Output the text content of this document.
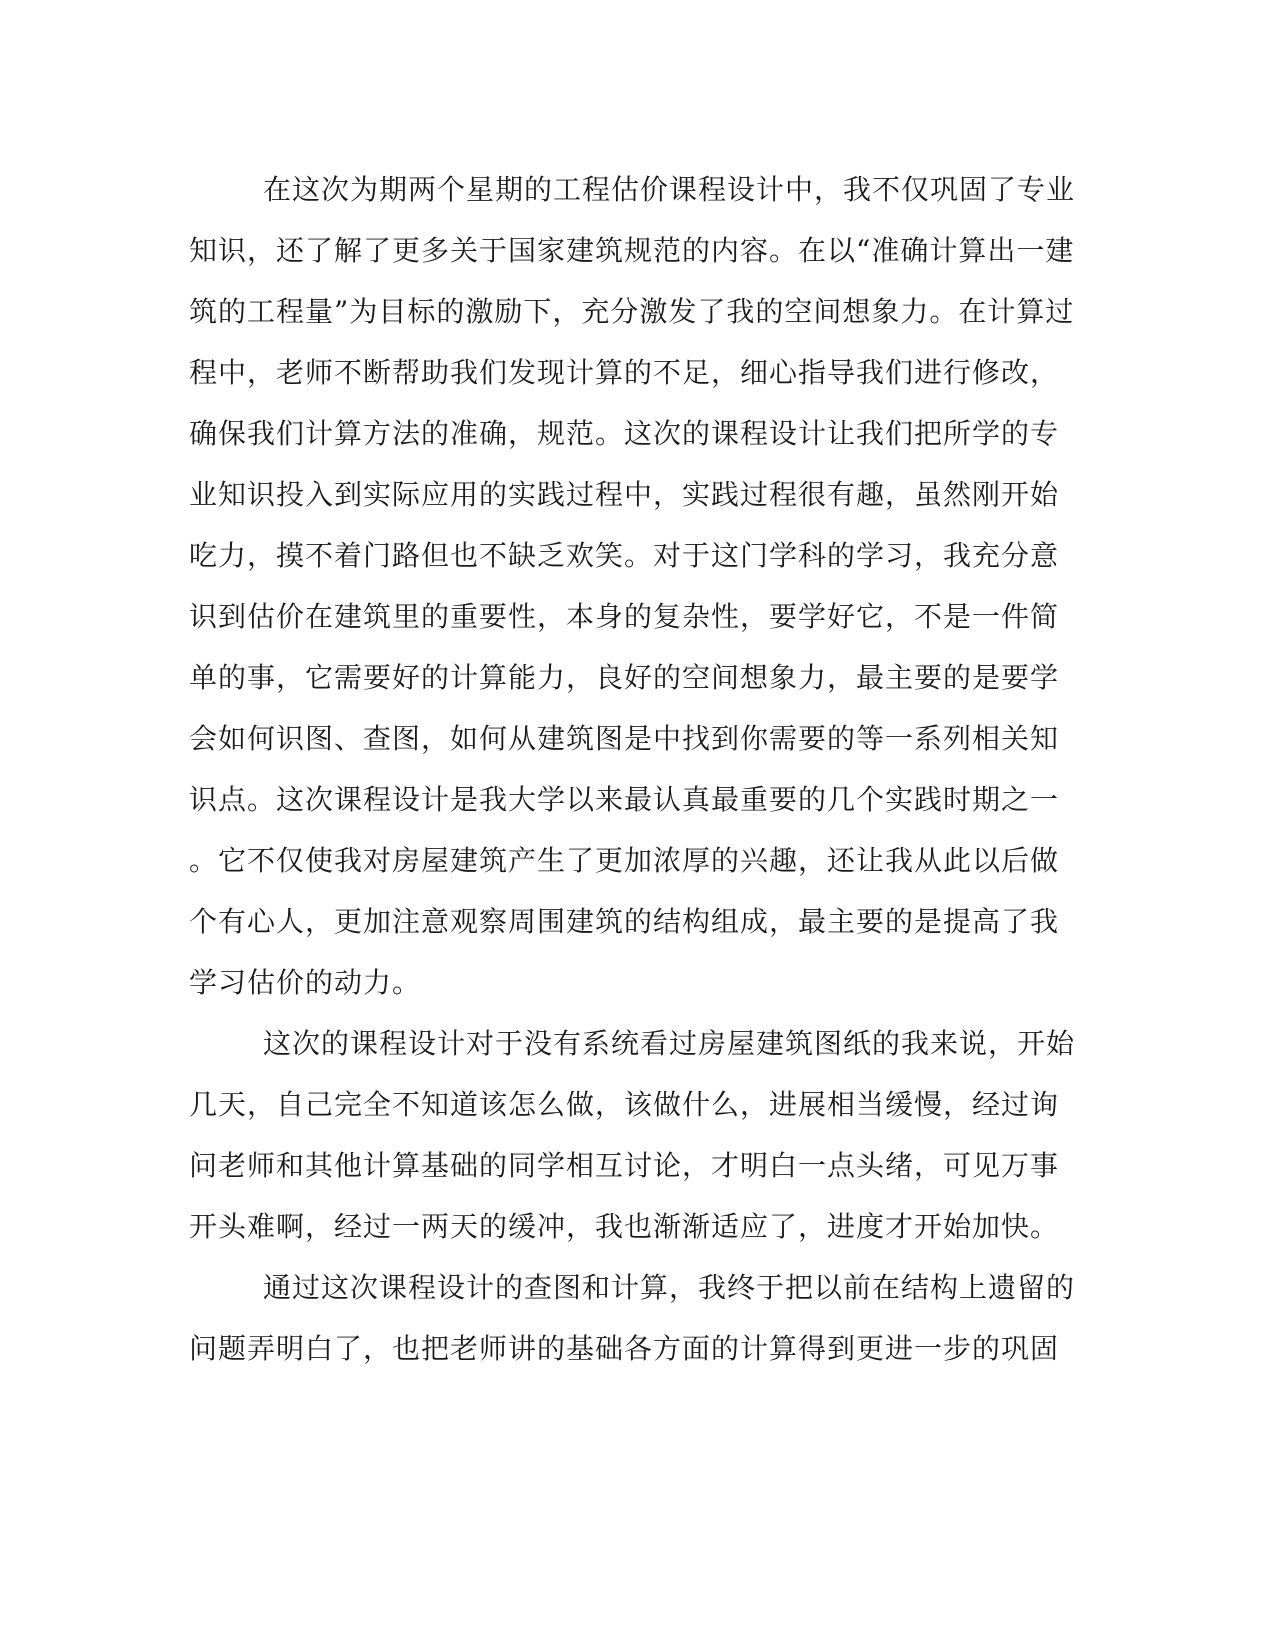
在这次为期两个星期的工程估价课程设计中，我不仅巩固了专业
知识，还了解了更多关于国家建筑规范的内容。在以“准确计算出一建
筑的工程量”为目标的激励下，充分激发了我的空间想象力。在计算过
程中，老师不断帮助我们发现计算的不足，细心指导我们进行修改，
确保我们计算方法的准确，规范。这次的课程设计让我们把所学的专
业知识投入到实际应用的实践过程中，实践过程很有趣，虽然刚开始
吃力，摸不着门路但也不缺乏欢笑。对于这门学科的学习，我充分意
识到估价在建筑里的重要性，本身的复杂性，要学好它，不是一件简
单的事，它需要好的计算能力，良好的空间想象力，最主要的是要学
会如何识图、查图，如何从建筑图是中找到你需要的等一系列相关知
识点。这次课程设计是我大学以来最认真最重要的几个实践时期之一
。它不仅使我对房屋建筑产生了更加浓厚的兴趣，还让我从此以后做
个有心人，更加注意观察周围建筑的结构组成，最主要的是提高了我
学习估价的动力。
这次的课程设计对于没有系统看过房屋建筑图纸的我来说，开始
几天，自己完全不知道该怎么做，该做什么，进展相当缓慢，经过询
问老师和其他计算基础的同学相互讨论，才明白一点头绪，可见万事
开头难啊，经过一两天的缓冲，我也渐渐适应了，进度才开始加快。
通过这次课程设计的查图和计算，我终于把以前在结构上遗留的
问题弄明白了，也把老师讲的基础各方面的计算得到更进一步的巩固
